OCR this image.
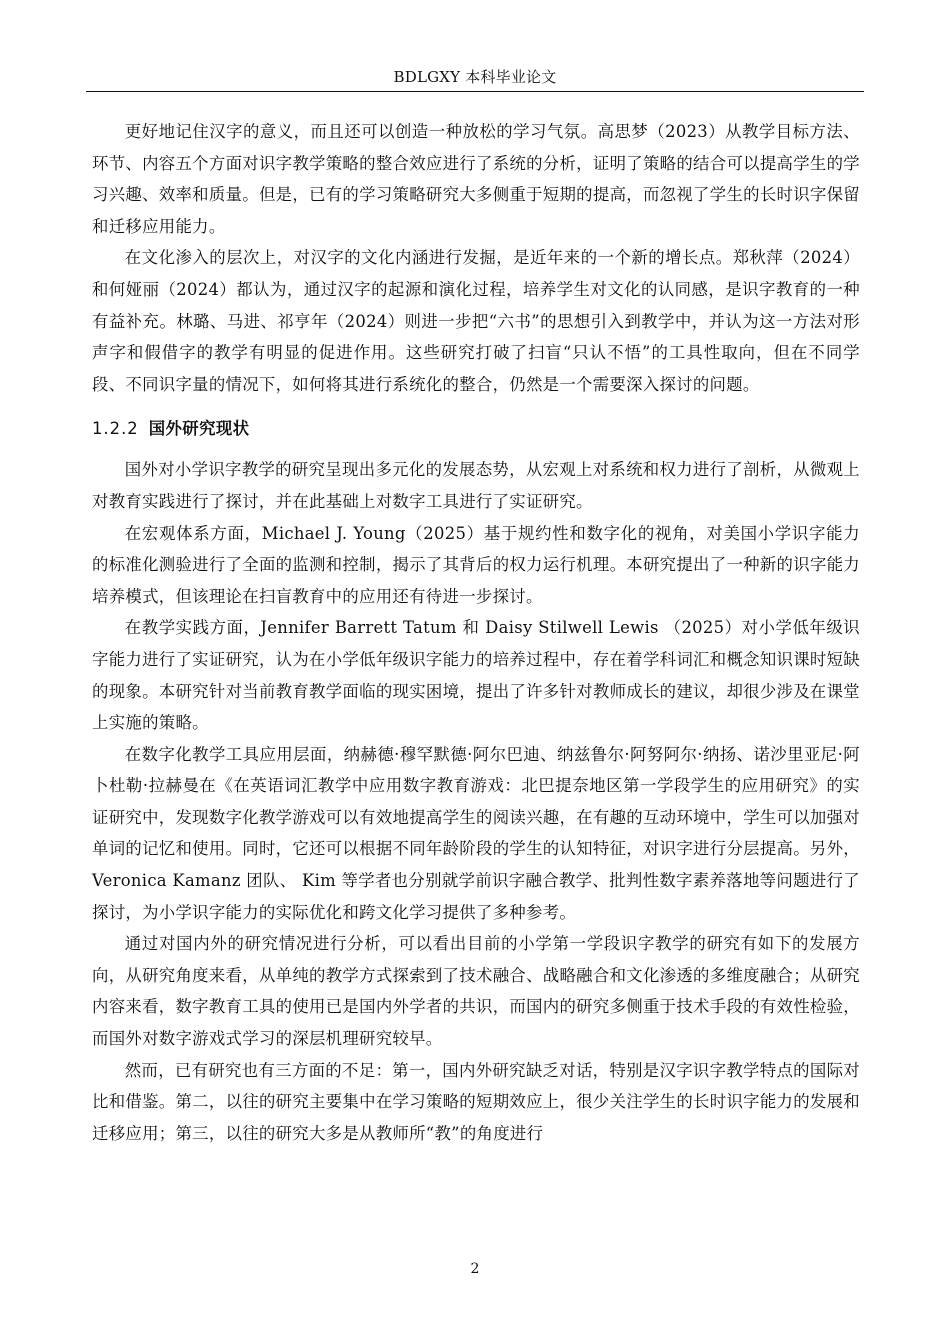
BDLGXY 本科毕业论文

更好地记住汉字的意义，而且还可以创造一种放松的学习气氛。高思梦（2023）从教学目标方法、环节、内容五个方面对识字教学策略的整合效应进行了系统的分析，证明了策略的结合可以提高学生的学习兴趣、效率和质量。但是，已有的学习策略研究大多侧重于短期的提高，而忽视了学生的长时识字保留和迁移应用能力。

在文化渗入的层次上，对汉字的文化内涵进行发掘，是近年来的一个新的增长点。郑秋萍（2024）和何娅丽（2024）都认为，通过汉字的起源和演化过程，培养学生对文化的认同感，是识字教育的一种有益补充。林璐、马进、祁亨年（2024）则进一步把“六书”的思想引入到教学中，并认为这一方法对形声字和假借字的教学有明显的促进作用。这些研究打破了扫盲“只认不悟”的工具性取向，但在不同学段、不同识字量的情况下，如何将其进行系统化的整合，仍然是一个需要深入探讨的问题。

1.2.2 国外研究现状

国外对小学识字教学的研究呈现出多元化的发展态势，从宏观上对系统和权力进行了剖析，从微观上对教育实践进行了探讨，并在此基础上对数字工具进行了实证研究。

在宏观体系方面，Michael J. Young（2025）基于规约性和数字化的视角，对美国小学识字能力的标准化测验进行了全面的监测和控制，揭示了其背后的权力运行机理。本研究提出了一种新的识字能力培养模式，但该理论在扫盲教育中的应用还有待进一步探讨。

在教学实践方面，Jennifer Barrett Tatum 和 Daisy Stilwell Lewis （2025）对小学低年级识字能力进行了实证研究，认为在小学低年级识字能力的培养过程中，存在着学科词汇和概念知识课时短缺的现象。本研究针对当前教育教学面临的现实困境，提出了许多针对教师成长的建议，却很少涉及在课堂上实施的策略。

在数字化教学工具应用层面，纳赫德·穆罕默德·阿尔巴迪、纳兹鲁尔·阿努阿尔·纳扬、诺沙里亚尼·阿卜杜勒·拉赫曼在《在英语词汇教学中应用数字教育游戏：北巴提奈地区第一学段学生的应用研究》的实证研究中，发现数字化教学游戏可以有效地提高学生的阅读兴趣，在有趣的互动环境中，学生可以加强对单词的记忆和使用。同时，它还可以根据不同年龄阶段的学生的认知特征，对识字进行分层提高。另外， Veronica Kamanz 团队、 Kim 等学者也分别就学前识字融合教学、批判性数字素养落地等问题进行了探讨，为小学识字能力的实际优化和跨文化学习提供了多种参考。

通过对国内外的研究情况进行分析，可以看出目前的小学第一学段识字教学的研究有如下的发展方向，从研究角度来看，从单纯的教学方式探索到了技术融合、战略融合和文化渗透的多维度融合；从研究内容来看，数字教育工具的使用已是国内外学者的共识，而国内的研究多侧重于技术手段的有效性检验，而国外对数字游戏式学习的深层机理研究较早。

然而，已有研究也有三方面的不足：第一，国内外研究缺乏对话，特别是汉字识字教学特点的国际对比和借鉴。第二，以往的研究主要集中在学习策略的短期效应上，很少关注学生的长时识字能力的发展和迁移应用；第三，以往的研究大多是从教师所“教”的角度进行

2
